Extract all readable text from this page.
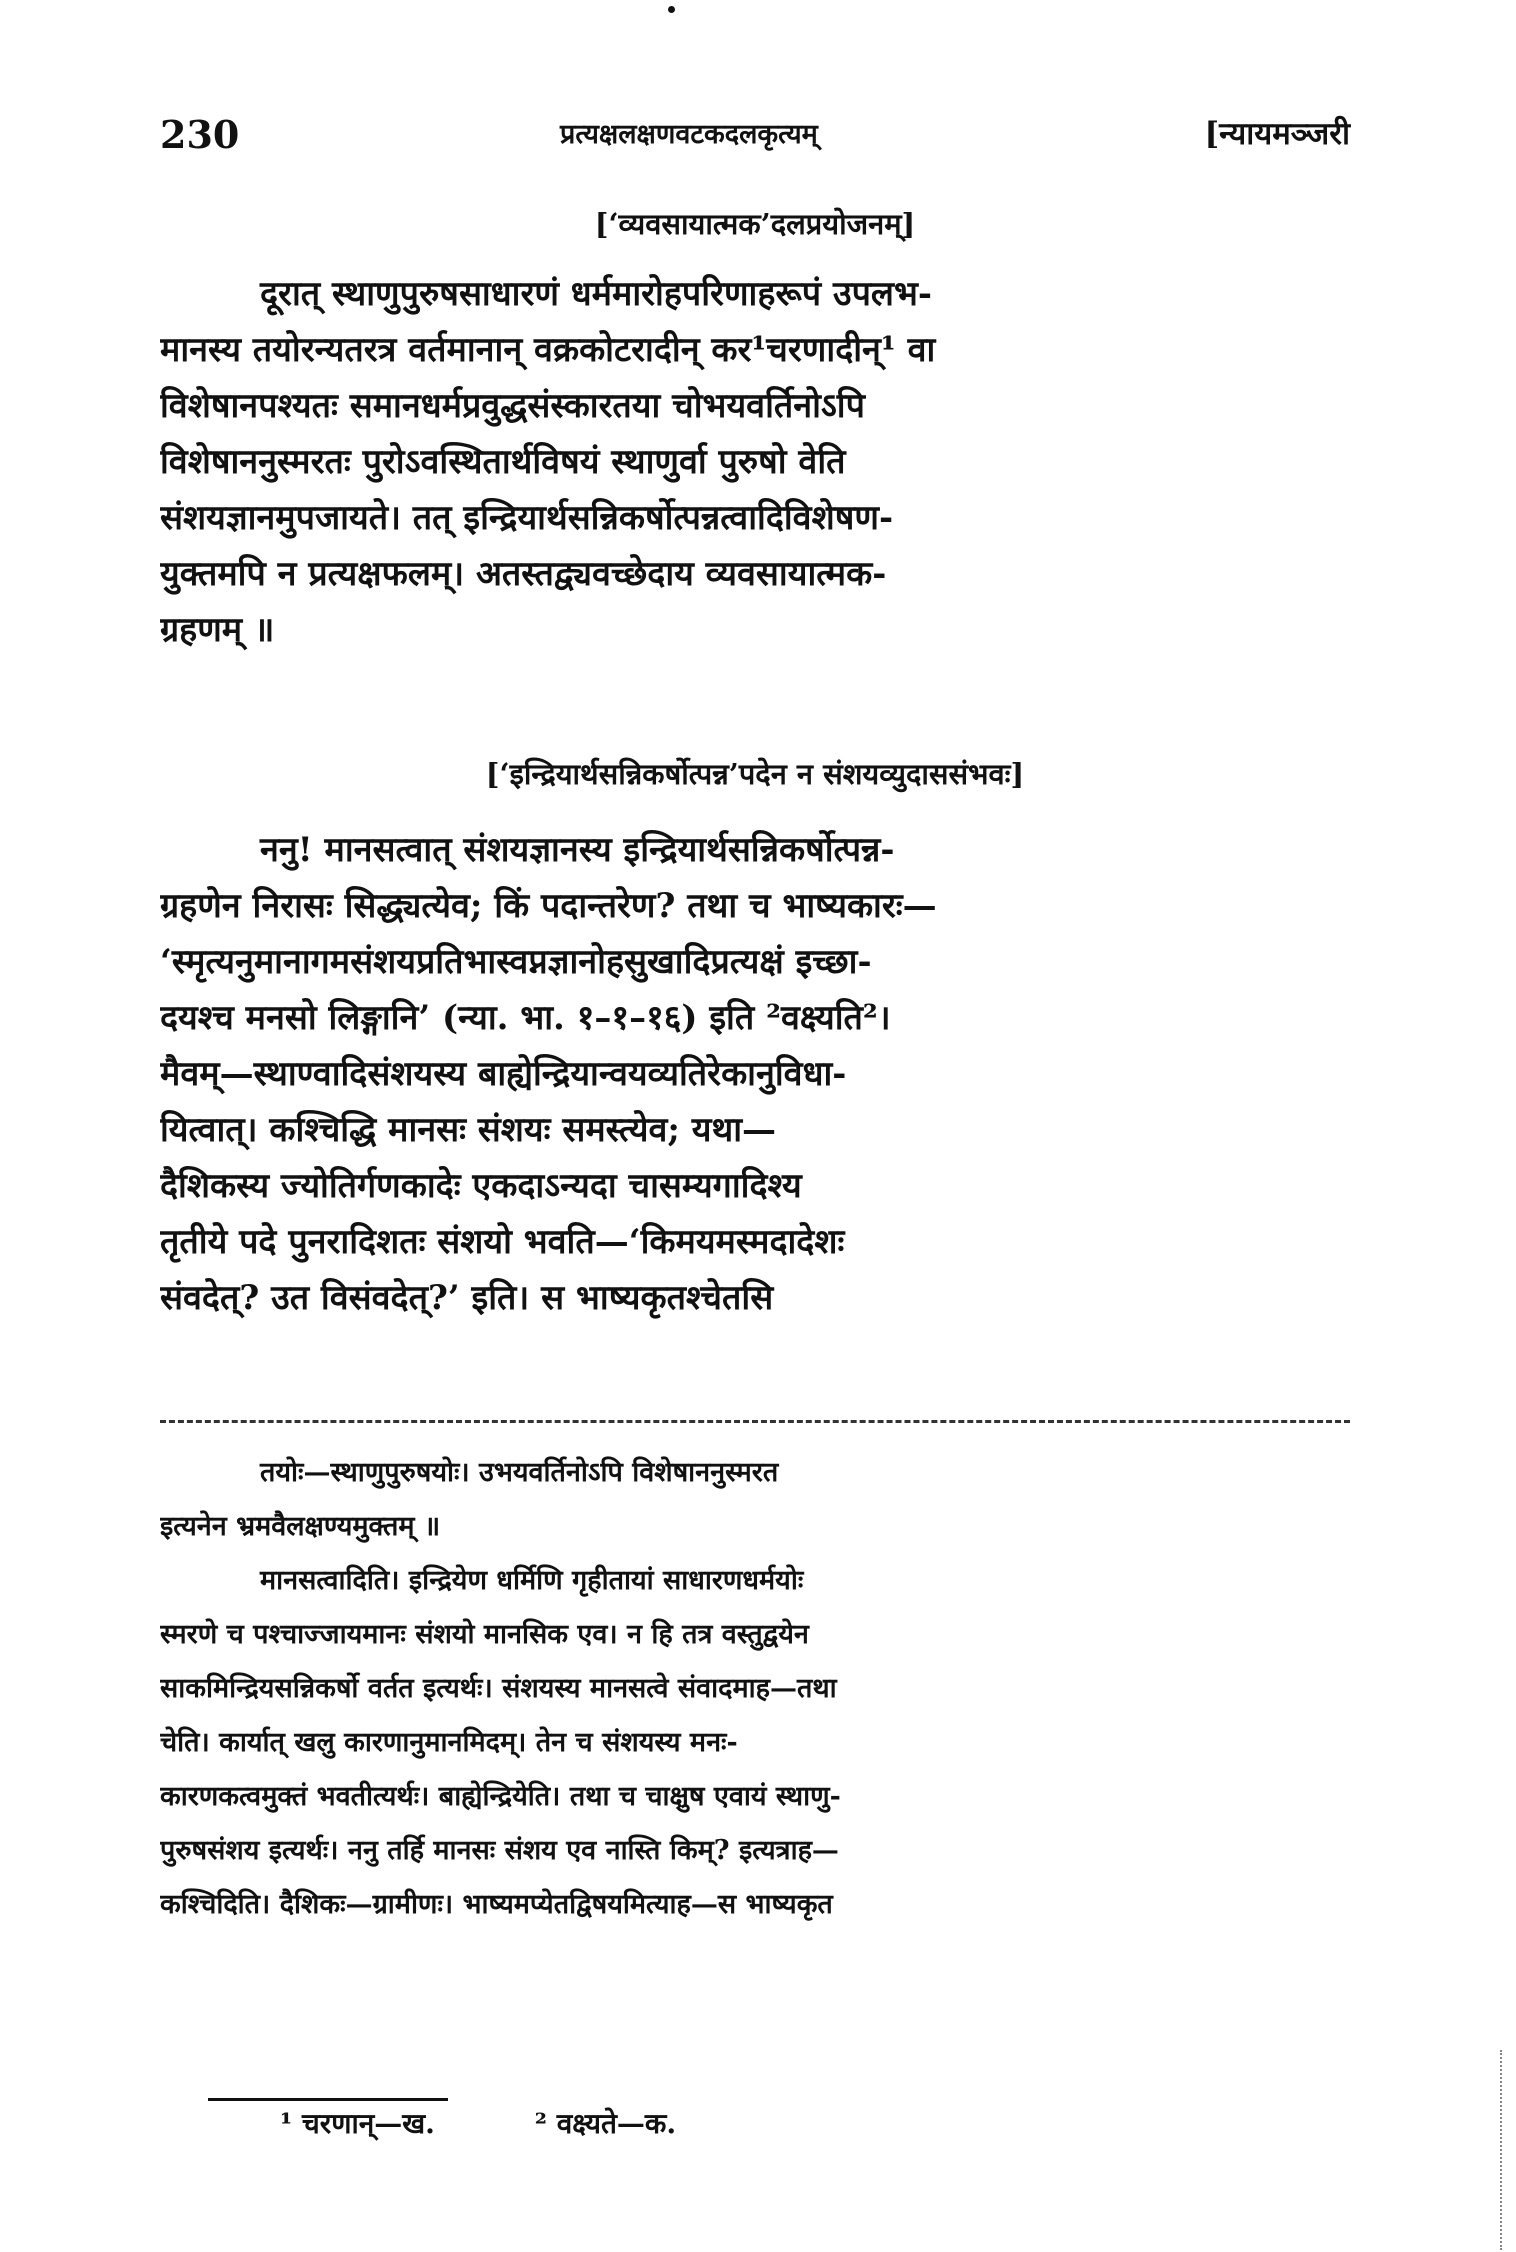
230	प्रत्यक्षलक्षणवटकदलकृत्यम्	[न्यायमञ्जरी
[‘व्यवसायात्मक’दलप्रयोजनम्]

दूरात् स्थाणुपुरुषसाधारणं धर्ममारोहपरिणाहरूपं उपलभ-

मानस्य तयोरन्यतरत्र वर्तमानान् वक्रकोटरादीन् कर¹चरणादीन्¹ वा

विशेषानपश्यतः समानधर्मप्रवुद्धसंस्कारतया चोभयवर्तिनोऽपि

विशेषाननुस्मरतः पुरोऽवस्थितार्थविषयं स्थाणुर्वा पुरुषो वेति

संशयज्ञानमुपजायते। तत् इन्द्रियार्थसन्निकर्षोत्पन्नत्वादिविशेषण-

युक्तमपि न प्रत्यक्षफलम्। अतस्तद्व्यवच्छेदाय व्यवसायात्मक-

ग्रहणम् ॥

[‘इन्द्रियार्थसन्निकर्षोत्पन्न’पदेन न संशयव्युदाससंभवः]

ननु! मानसत्वात् संशयज्ञानस्य इन्द्रियार्थसन्निकर्षोत्पन्न-

ग्रहणेन निरासः सिद्ध्यत्येव; किं पदान्तरेण? तथा च भाष्यकारः—

‘स्मृत्यनुमानागमसंशयप्रतिभास्वप्नज्ञानोहसुखादिप्रत्यक्षं इच्छा-

दयश्च मनसो लिङ्गानि’ (न्या. भा. १–१–१६) इति ²वक्ष्यति²।

मैवम्—स्थाण्वादिसंशयस्य बाह्येन्द्रियान्वयव्यतिरेकानुविधा-

यित्वात्। कश्चिद्धि मानसः संशयः समस्त्येव; यथा—

दैशिकस्य ज्योतिर्गणकादेः एकदाऽन्यदा चासम्यगादिश्य

तृतीये पदे पुनरादिशतः संशयो भवति—‘किमयमस्मदादेशः

संवदेत्? उत विसंवदेत्?’ इति। स भाष्यकृतश्चेतसि

तयोः—स्थाणुपुरुषयोः। उभयवर्तिनोऽपि विशेषाननुस्मरत

इत्यनेन भ्रमवैलक्षण्यमुक्तम् ॥

मानसत्वादिति। इन्द्रियेण धर्मिणि गृहीतायां साधारणधर्मयोः

स्मरणे च पश्चाज्जायमानः संशयो मानसिक एव। न हि तत्र वस्तुद्वयेन

साकमिन्द्रियसन्निकर्षो वर्तत इत्यर्थः। संशयस्य मानसत्वे संवादमाह—तथा

चेति। कार्यात् खलु कारणानुमानमिदम्। तेन च संशयस्य मनः-

कारणकत्वमुक्तं भवतीत्यर्थः। बाह्येन्द्रियेति। तथा च चाक्षुष एवायं स्थाणु-

पुरुषसंशय इत्यर्थः। ननु तर्हि मानसः संशय एव नास्ति किम्? इत्यत्राह—

कश्चिदिति। दैशिकः—ग्रामीणः। भाष्यमप्येतद्विषयमित्याह—स भाष्यकृत

¹ चरणान्—ख.	² वक्ष्यते—क.
